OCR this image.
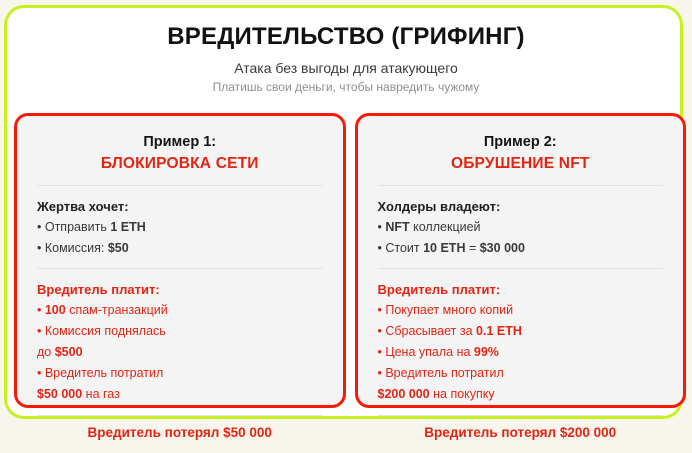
ВРЕДИТЕЛЬСТВО (ГРИФИНГ)
Атака без выгоды для атакующего
Платишь свои деньги, чтобы навредить чужому
Пример 1:
БЛОКИРОВКА СЕТИ
Жертва хочет:
• Отправить 1 ETH
• Комиссия: $50
Вредитель платит:
• 100 спам-транзакций
• Комиссия поднялась
до $500
• Вредитель потратил
$50 000 на газ
Вредитель потерял $50 000
Пример 2:
ОБРУШЕНИЕ NFT
Холдеры владеют:
• NFT коллекцией
• Стоит 10 ETH = $30 000
Вредитель платит:
• Покупает много копий
• Сбрасывает за 0.1 ETH
• Цена упала на 99%
• Вредитель потратил
$200 000 на покупку
Вредитель потерял $200 000
